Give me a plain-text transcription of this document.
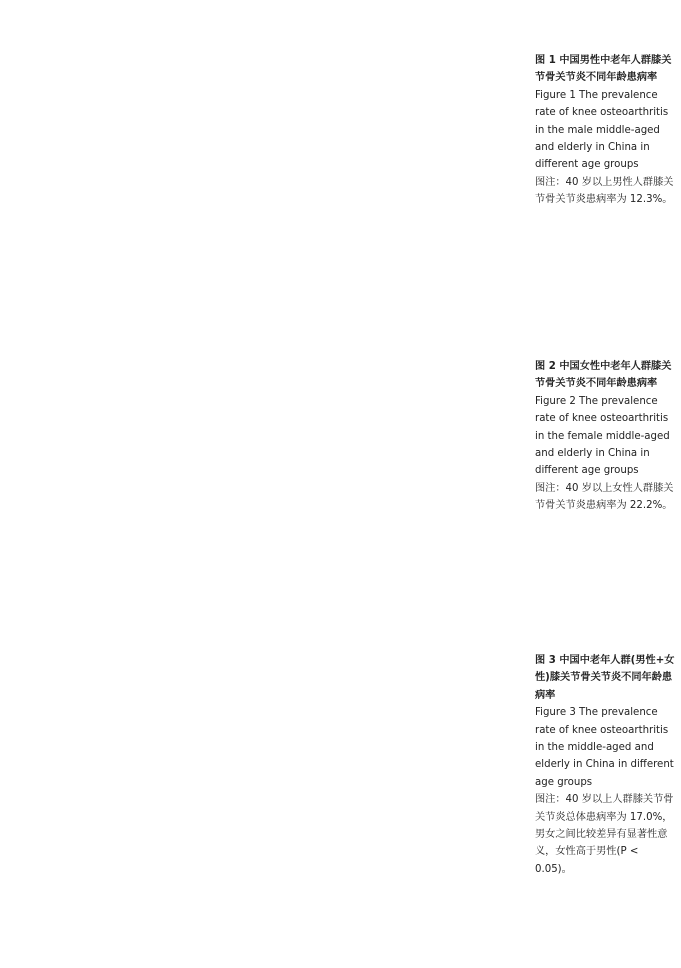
图 1 中国男性中老年人群膝关节骨关节炎不同年龄患病率
Figure 1 The prevalence rate of knee osteoarthritis in the male middle-aged and elderly in China in different age groups
图注：40 岁以上男性人群膝关节骨关节炎患病率为 12.3%。
图 2 中国女性中老年人群膝关节骨关节炎不同年龄患病率
Figure 2 The prevalence rate of knee osteoarthritis in the female middle-aged and elderly in China in different age groups
图注：40 岁以上女性人群膝关节骨关节炎患病率为 22.2%。
图 3 中国中老年人群(男性+女性)膝关节骨关节炎不同年龄患病率
Figure 3 The prevalence rate of knee osteoarthritis in the middle-aged and elderly in China in different age groups
图注：40 岁以上人群膝关节骨关节炎总体患病率为 17.0%，男女之间比较差异有显著性意义，女性高于男性(P < 0.05)。
